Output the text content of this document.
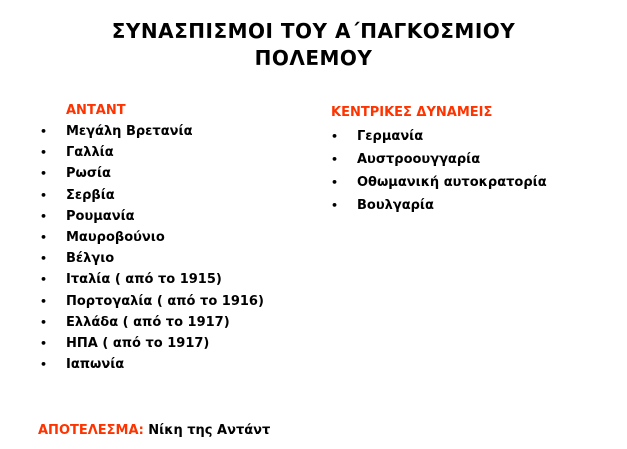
ΣΥΝΑΣΠΙΣΜΟΙ ΤΟΥ Α΄ΠΑΓΚΟΣΜΙΟΥ
ΠΟΛΕΜΟΥ
ΑΝΤΑΝΤ
• Μεγάλη Βρετανία
• Γαλλία
• Ρωσία
• Σερβία
• Ρουμανία
• Μαυροβούνιο
• Βέλγιο
• Ιταλία ( από το 1915)
• Πορτογαλία ( από το 1916)
• Ελλάδα ( από το 1917)
• ΗΠΑ ( από το 1917)
• Ιαπωνία
ΚΕΝΤΡΙΚΕΣ ΔΥΝΑΜΕΙΣ
• Γερμανία
• Αυστροουγγαρία
• Οθωμανική αυτοκρατορία
• Βουλγαρία
ΑΠΟΤΕΛΕΣΜΑ: Νίκη της Αντάντ
